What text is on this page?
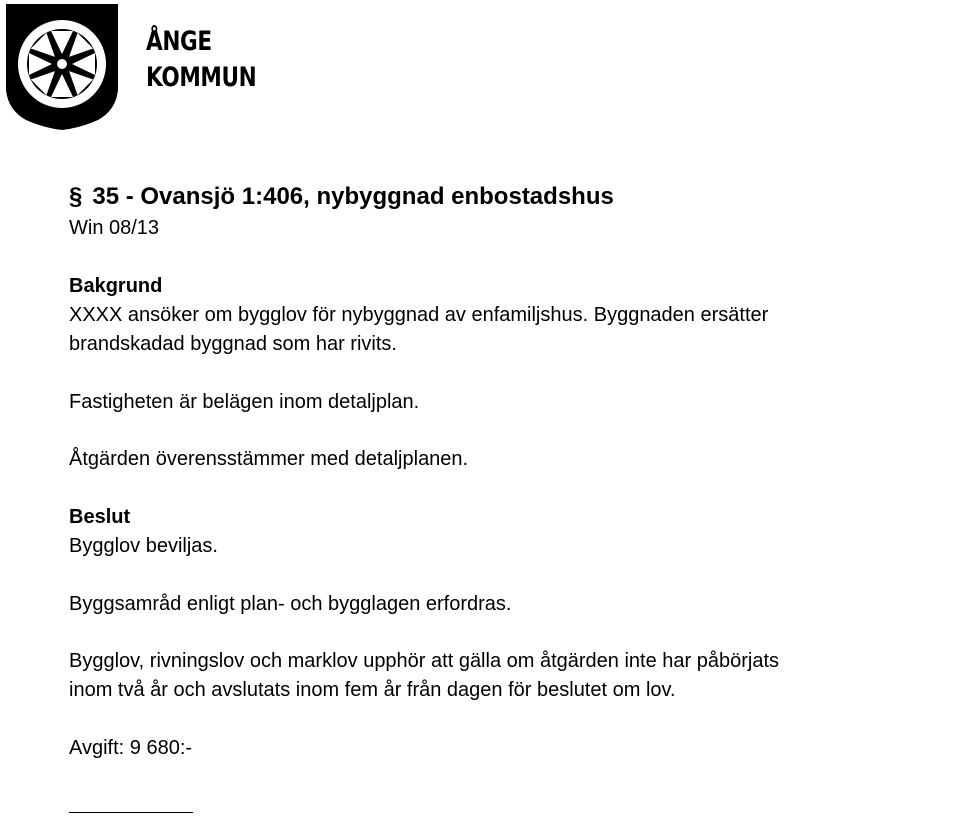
ÅNGE
KOMMUN
§ 35 - Ovansjö 1:406, nybyggnad enbostadshus
Win 08/13
Bakgrund
XXXX ansöker om bygglov för nybyggnad av enfamiljshus. Byggnaden ersätter
brandskadad byggnad som har rivits.
Fastigheten är belägen inom detaljplan.
Åtgärden överensstämmer med detaljplanen.
Beslut
Bygglov beviljas.
Byggsamråd enligt plan- och bygglagen erfordras.
Bygglov, rivningslov och marklov upphör att gälla om åtgärden inte har påbörjats
inom två år och avslutats inom fem år från dagen för beslutet om lov.
Avgift: 9 680:-
